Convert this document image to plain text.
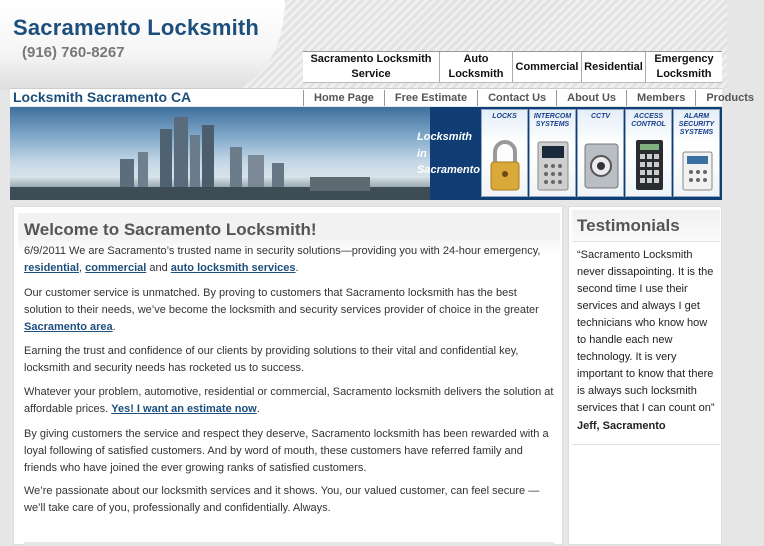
Sacramento Locksmith
(916) 760-8267	Sacramento Locksmith Service
Auto Locksmith
Commercial Residential
Emergency Locksmith
Locksmith Sacramento CA	Home Page	Free Estimate	Contact Us	About Us	Members	Products
Locksmith
in
Sacramento
LOCKS	INTERCOM SYSTEMS
CCTV	ACCESS CONTROL
ALARM SECURITY SYSTEMS
Welcome to Sacramento Locksmith!

6/9/2011 We are Sacramento’s trusted name in security solutions—providing you with 24-hour emergency, residential, commercial and auto locksmith services.

Our customer service is unmatched. By proving to customers that Sacramento locksmith has the best solution to their needs, we’ve become the locksmith and security services provider of choice in the greater Sacramento area.

Earning the trust and confidence of our clients by providing solutions to their vital and confidential key, locksmith and security needs has rocketed us to success.

Whatever your problem, automotive, residential or commercial, Sacramento locksmith delivers the solution at affordable prices. Yes! I want an estimate now.

By giving customers the service and respect they deserve, Sacramento locksmith has been rewarded with a loyal following of satisfied customers. And by word of mouth, these customers have referred family and friends who have joined the ever growing ranks of satisfied customers.

We’re passionate about our locksmith services and it shows. You, our valued customer, can feel secure —we’ll take care of you, professionally and confidentially. Always.

Testimonials
“Sacramento Locksmith never dissapointing. It is the second time I use their services and always I get technicians who know how to handle each new technology. It is very important to know that there is always such locksmith services that I can count on”
Jeff, Sacramento
